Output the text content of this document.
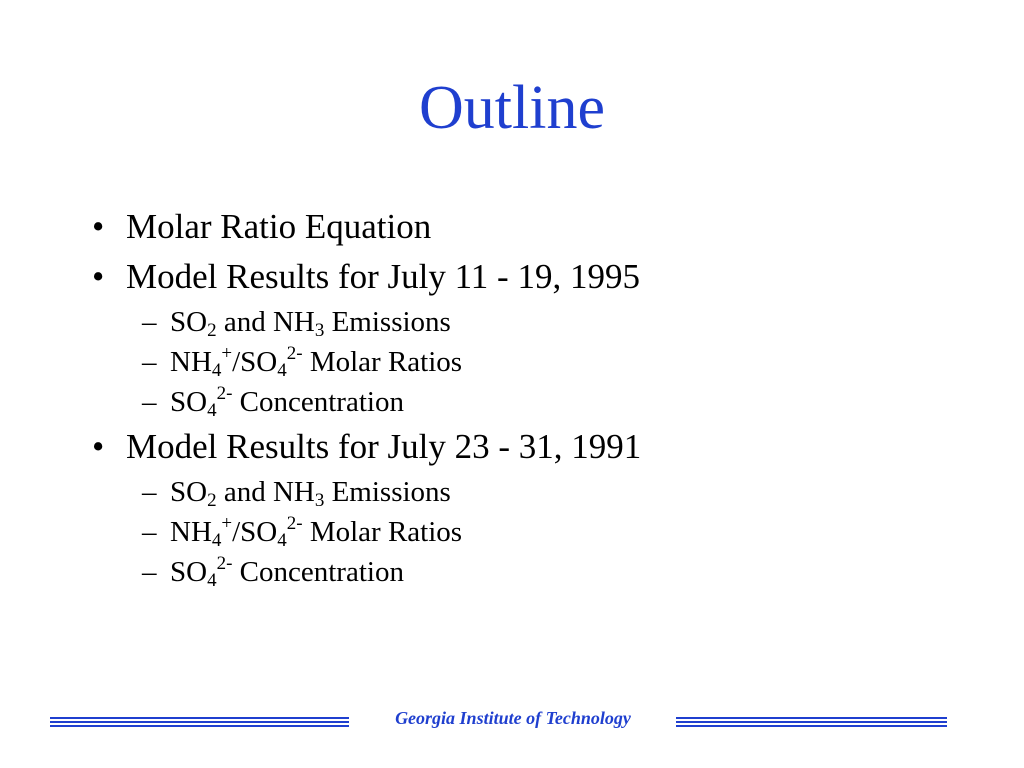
Outline
• Molar Ratio Equation
• Model Results for July 11 - 19, 1995
– $SO_2$ and $NH_3$ Emissions
– $NH_4^+/SO_4^{2-}$ Molar Ratios
– $SO_4^{2-}$ Concentration
• Model Results for July 23 - 31, 1991
– $SO_2$ and $NH_3$ Emissions
– $NH_4^+/SO_4^{2-}$ Molar Ratios
– $SO_4^{2-}$ Concentration
Georgia Institute of Technology
